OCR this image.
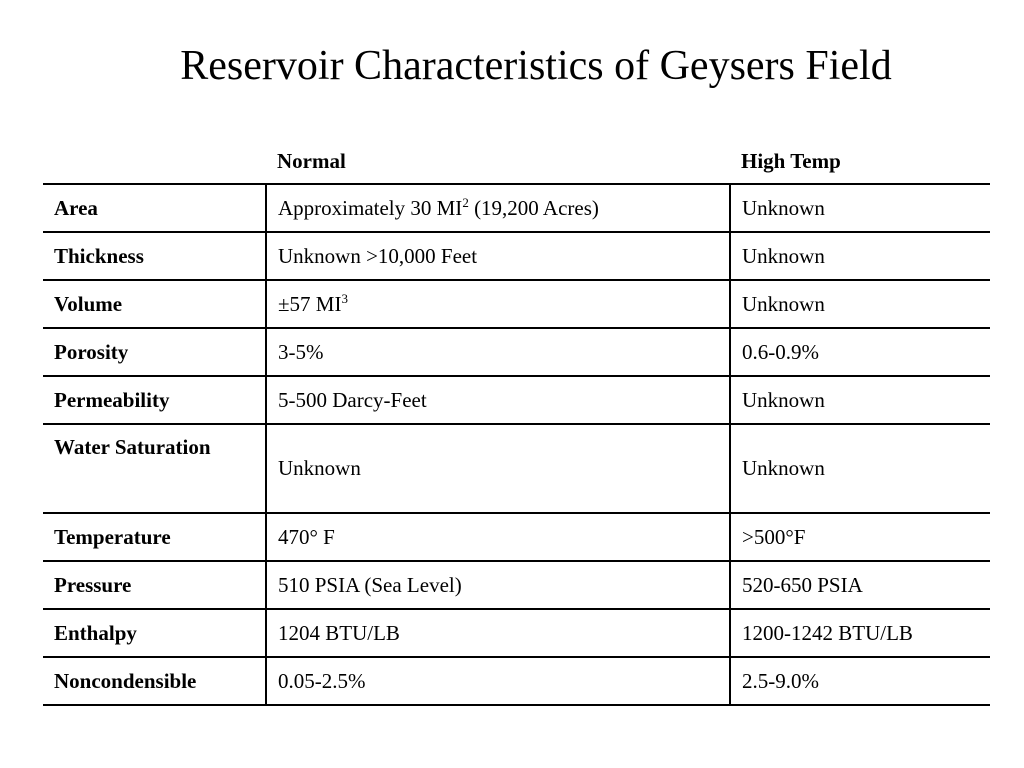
Reservoir Characteristics of Geysers Field
	Normal	High Temp
Area	Approximately 30 $MI^2$ (19,200 Acres)	Unknown
Thickness	Unknown >10,000 Feet	Unknown
Volume	±57 $MI^3$	Unknown
Porosity	3-5%	0.6-0.9%
Permeability	5-500 Darcy-Feet	Unknown
Water Saturation	Unknown	Unknown
Temperature	470° F	>500°F
Pressure	510 PSIA (Sea Level)	520-650 PSIA
Enthalpy	1204 BTU/LB	1200-1242 BTU/LB
Noncondensible	0.05-2.5%	2.5-9.0%
